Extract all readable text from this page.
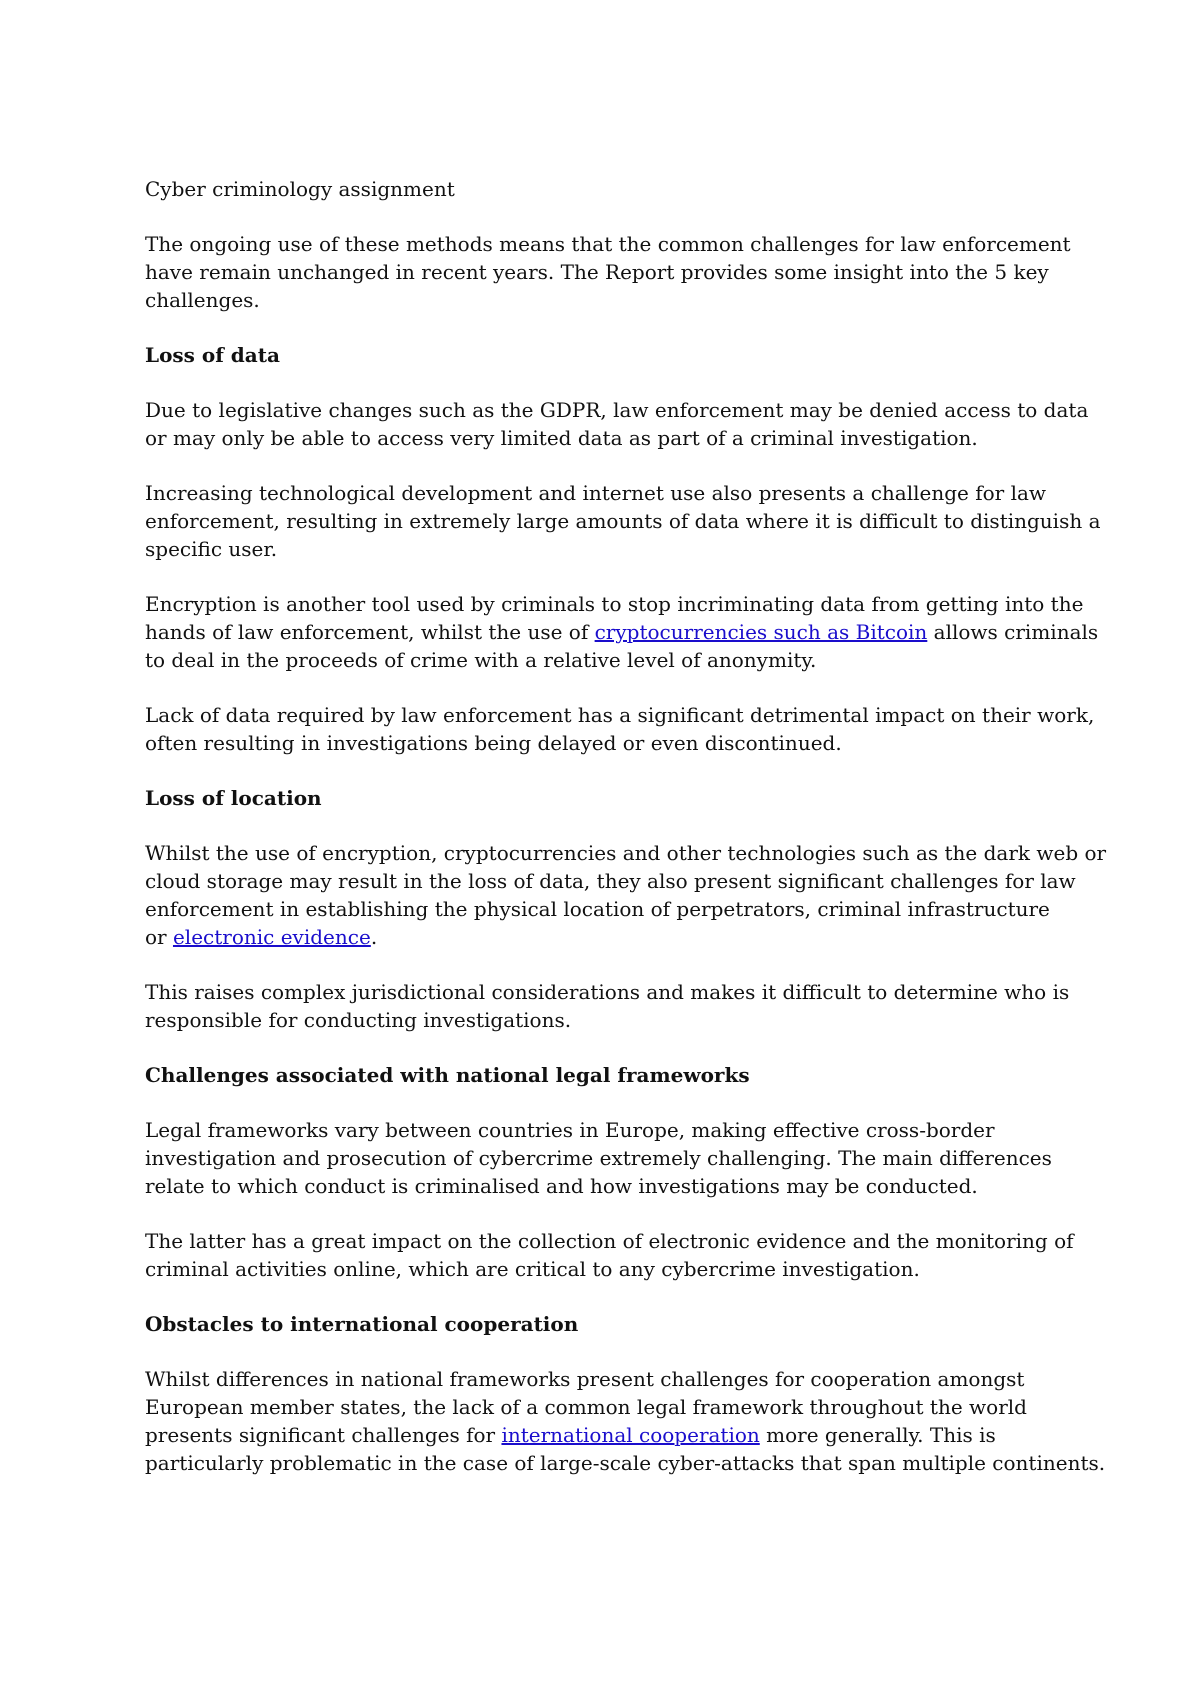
Cyber criminology assignment

The ongoing use of these methods means that the common challenges for law enforcement
have remain unchanged in recent years. The Report provides some insight into the 5 key
challenges.

Loss of data

Due to legislative changes such as the GDPR, law enforcement may be denied access to data
or may only be able to access very limited data as part of a criminal investigation.

Increasing technological development and internet use also presents a challenge for law
enforcement, resulting in extremely large amounts of data where it is difficult to distinguish a
specific user.

Encryption is another tool used by criminals to stop incriminating data from getting into the
hands of law enforcement, whilst the use of cryptocurrencies such as Bitcoin allows criminals
to deal in the proceeds of crime with a relative level of anonymity.

Lack of data required by law enforcement has a significant detrimental impact on their work,
often resulting in investigations being delayed or even discontinued.

Loss of location

Whilst the use of encryption, cryptocurrencies and other technologies such as the dark web or
cloud storage may result in the loss of data, they also present significant challenges for law
enforcement in establishing the physical location of perpetrators, criminal infrastructure
or electronic evidence.

This raises complex jurisdictional considerations and makes it difficult to determine who is
responsible for conducting investigations.

Challenges associated with national legal frameworks

Legal frameworks vary between countries in Europe, making effective cross-border
investigation and prosecution of cybercrime extremely challenging. The main differences
relate to which conduct is criminalised and how investigations may be conducted.

The latter has a great impact on the collection of electronic evidence and the monitoring of
criminal activities online, which are critical to any cybercrime investigation.

Obstacles to international cooperation

Whilst differences in national frameworks present challenges for cooperation amongst
European member states, the lack of a common legal framework throughout the world
presents significant challenges for international cooperation more generally. This is
particularly problematic in the case of large-scale cyber-attacks that span multiple continents.
